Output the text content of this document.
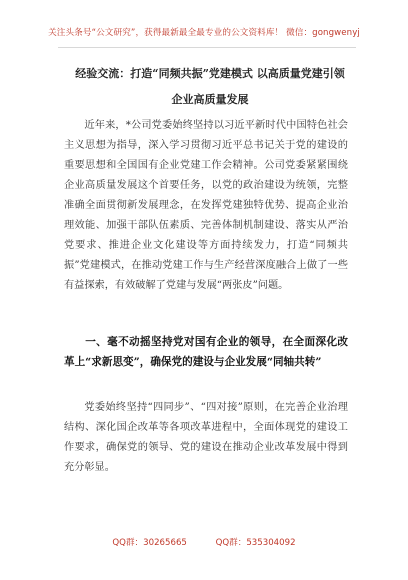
关注头条号“公文研究”，获得最新最全最专业的公文资料库！ 微信：gongwenyj
经验交流：打造“同频共振”党建模式 以高质量党建引领
企业高质量发展

近年来，*公司党委始终坚持以习近平新时代中国特色社会主义思想为指导，深入学习贯彻习近平总书记关于党的建设的重要思想和全国国有企业党建工作会精神。公司党委紧紧围绕企业高质量发展这个首要任务，以党的政治建设为统领，完整准确全面贯彻新发展理念，在发挥党建独特优势、提高企业治理效能、加强干部队伍素质、完善体制机制建设、落实从严治党要求、推进企业文化建设等方面持续发力，打造“同频共振”党建模式，在推动党建工作与生产经营深度融合上做了一些有益探索，有效破解了党建与发展“两张皮”问题。

一、毫不动摇坚持党对国有企业的领导，在全面深化改革上“求新思变”，确保党的建设与企业发展“同轴共转”

党委始终坚持“四同步”、“四对接”原则，在完善企业治理结构、深化国企改革等各项改革进程中，全面体现党的建设工作要求，确保党的领导、党的建设在推动企业改革发展中得到充分彰显。

QQ群：30265665	QQ群：535304092
